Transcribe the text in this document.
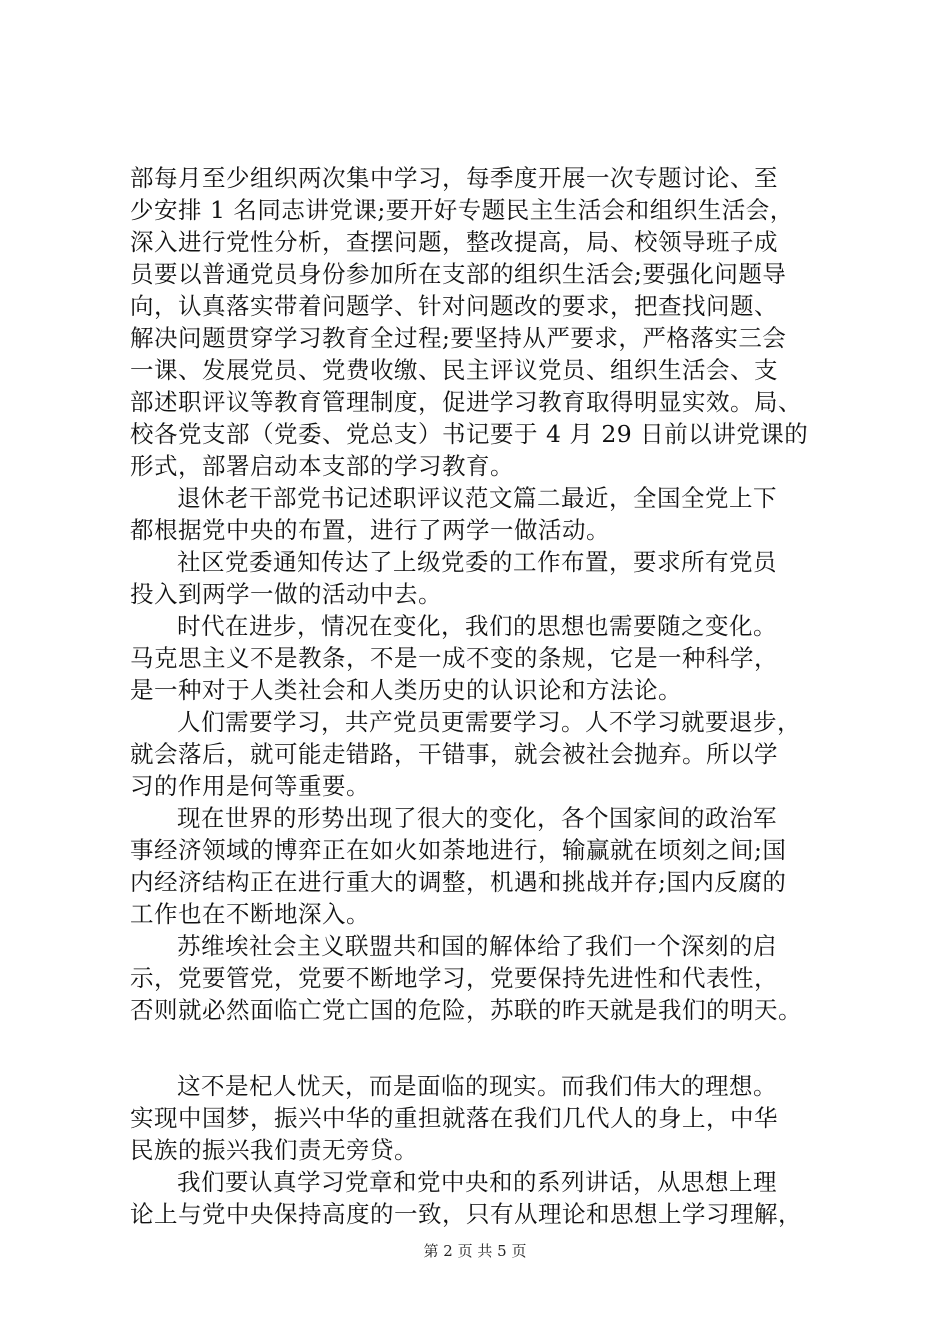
部每月至少组织两次集中学习，每季度开展一次专题讨论、至
少安排 1 名同志讲党课;要开好专题民主生活会和组织生活会，
深入进行党性分析，查摆问题，整改提高，局、校领导班子成
员要以普通党员身份参加所在支部的组织生活会;要强化问题导
向，认真落实带着问题学、针对问题改的要求，把查找问题、
解决问题贯穿学习教育全过程;要坚持从严要求，严格落实三会
一课、发展党员、党费收缴、民主评议党员、组织生活会、支
部述职评议等教育管理制度，促进学习教育取得明显实效。局、
校各党支部（党委、党总支）书记要于 4 月 29 日前以讲党课的
形式，部署启动本支部的学习教育。
退休老干部党书记述职评议范文篇二最近，全国全党上下
都根据党中央的布置，进行了两学一做活动。
社区党委通知传达了上级党委的工作布置，要求所有党员
投入到两学一做的活动中去。
时代在进步，情况在变化，我们的思想也需要随之变化。
马克思主义不是教条，不是一成不变的条规，它是一种科学，
是一种对于人类社会和人类历史的认识论和方法论。
人们需要学习，共产党员更需要学习。人不学习就要退步，
就会落后，就可能走错路，干错事，就会被社会抛弃。所以学
习的作用是何等重要。
现在世界的形势出现了很大的变化，各个国家间的政治军
事经济领域的博弈正在如火如荼地进行，输赢就在顷刻之间;国
内经济结构正在进行重大的调整，机遇和挑战并存;国内反腐的
工作也在不断地深入。
苏维埃社会主义联盟共和国的解体给了我们一个深刻的启
示，党要管党，党要不断地学习，党要保持先进性和代表性，
否则就必然面临亡党亡国的危险，苏联的昨天就是我们的明天。
这不是杞人忧天，而是面临的现实。而我们伟大的理想。
实现中国梦，振兴中华的重担就落在我们几代人的身上，中华
民族的振兴我们责无旁贷。
我们要认真学习党章和党中央和的系列讲话，从思想上理
论上与党中央保持高度的一致，只有从理论和思想上学习理解，
第 2 页 共 5 页
